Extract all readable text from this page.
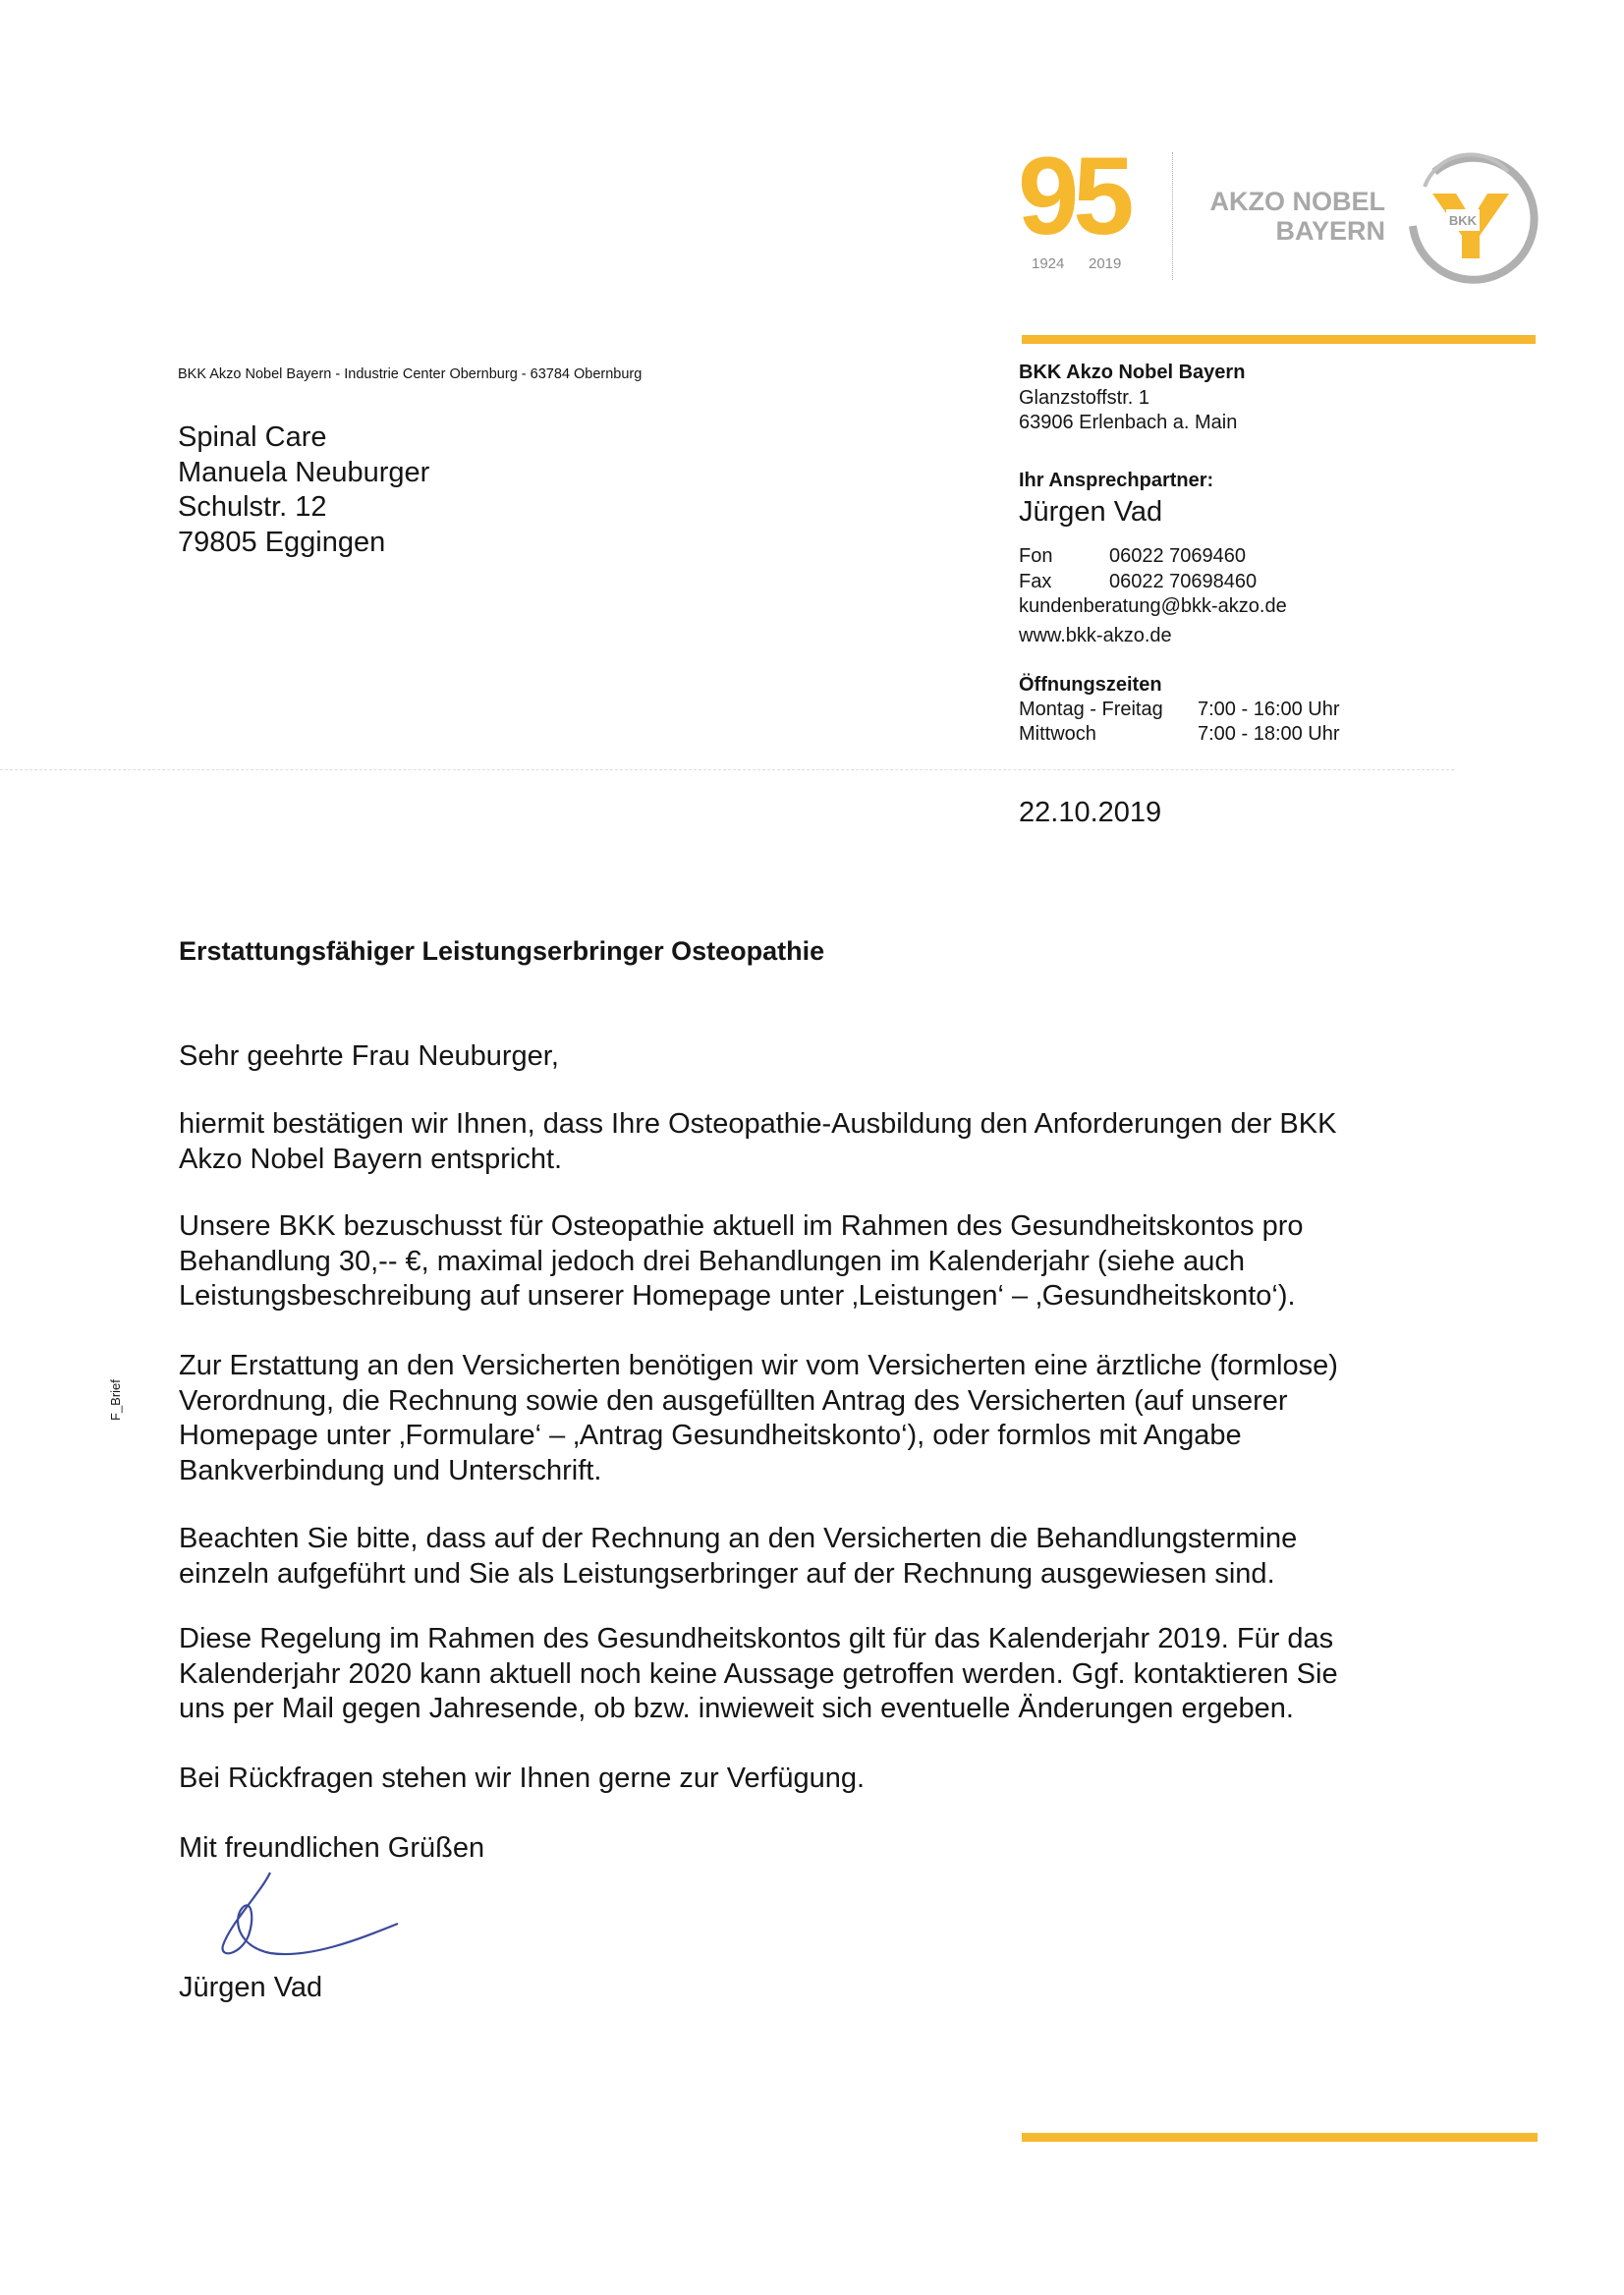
95
1924 2019
AKZO NOBEL
BAYERN	BKK
BKK Akzo Nobel Bayern - Industrie Center Obernburg - 63784 Obernburg
Spinal Care
Manuela Neuburger
Schulstr. 12
79805 Eggingen
BKK Akzo Nobel Bayern
Glanzstoffstr. 1
63906 Erlenbach a. Main
Ihr Ansprechpartner:
Jürgen Vad
Fon	06022 7069460
Fax	06022 70698460
kundenberatung@bkk-akzo.de
www.bkk-akzo.de
Öffnungszeiten
Montag - Freitag 7:00 - 16:00 Uhr
Mittwoch	7:00 - 18:00 Uhr
22.10.2019
F_Brief
Erstattungsfähiger Leistungserbringer Osteopathie
Sehr geehrte Frau Neuburger,
hiermit bestätigen wir Ihnen, dass Ihre Osteopathie-Ausbildung den Anforderungen der BKK
Akzo Nobel Bayern entspricht.
Unsere BKK bezuschusst für Osteopathie aktuell im Rahmen des Gesundheitskontos pro
Behandlung 30,-- €, maximal jedoch drei Behandlungen im Kalenderjahr (siehe auch
Leistungsbeschreibung auf unserer Homepage unter ‚Leistungen‘ – ‚Gesundheitskonto‘).
Zur Erstattung an den Versicherten benötigen wir vom Versicherten eine ärztliche (formlose)
Verordnung, die Rechnung sowie den ausgefüllten Antrag des Versicherten (auf unserer
Homepage unter ‚Formulare‘ – ‚Antrag Gesundheitskonto‘), oder formlos mit Angabe
Bankverbindung und Unterschrift.
Beachten Sie bitte, dass auf der Rechnung an den Versicherten die Behandlungstermine
einzeln aufgeführt und Sie als Leistungserbringer auf der Rechnung ausgewiesen sind.
Diese Regelung im Rahmen des Gesundheitskontos gilt für das Kalenderjahr 2019. Für das
Kalenderjahr 2020 kann aktuell noch keine Aussage getroffen werden. Ggf. kontaktieren Sie
uns per Mail gegen Jahresende, ob bzw. inwieweit sich eventuelle Änderungen ergeben.
Bei Rückfragen stehen wir Ihnen gerne zur Verfügung.
Mit freundlichen Grüßen
Jürgen Vad
